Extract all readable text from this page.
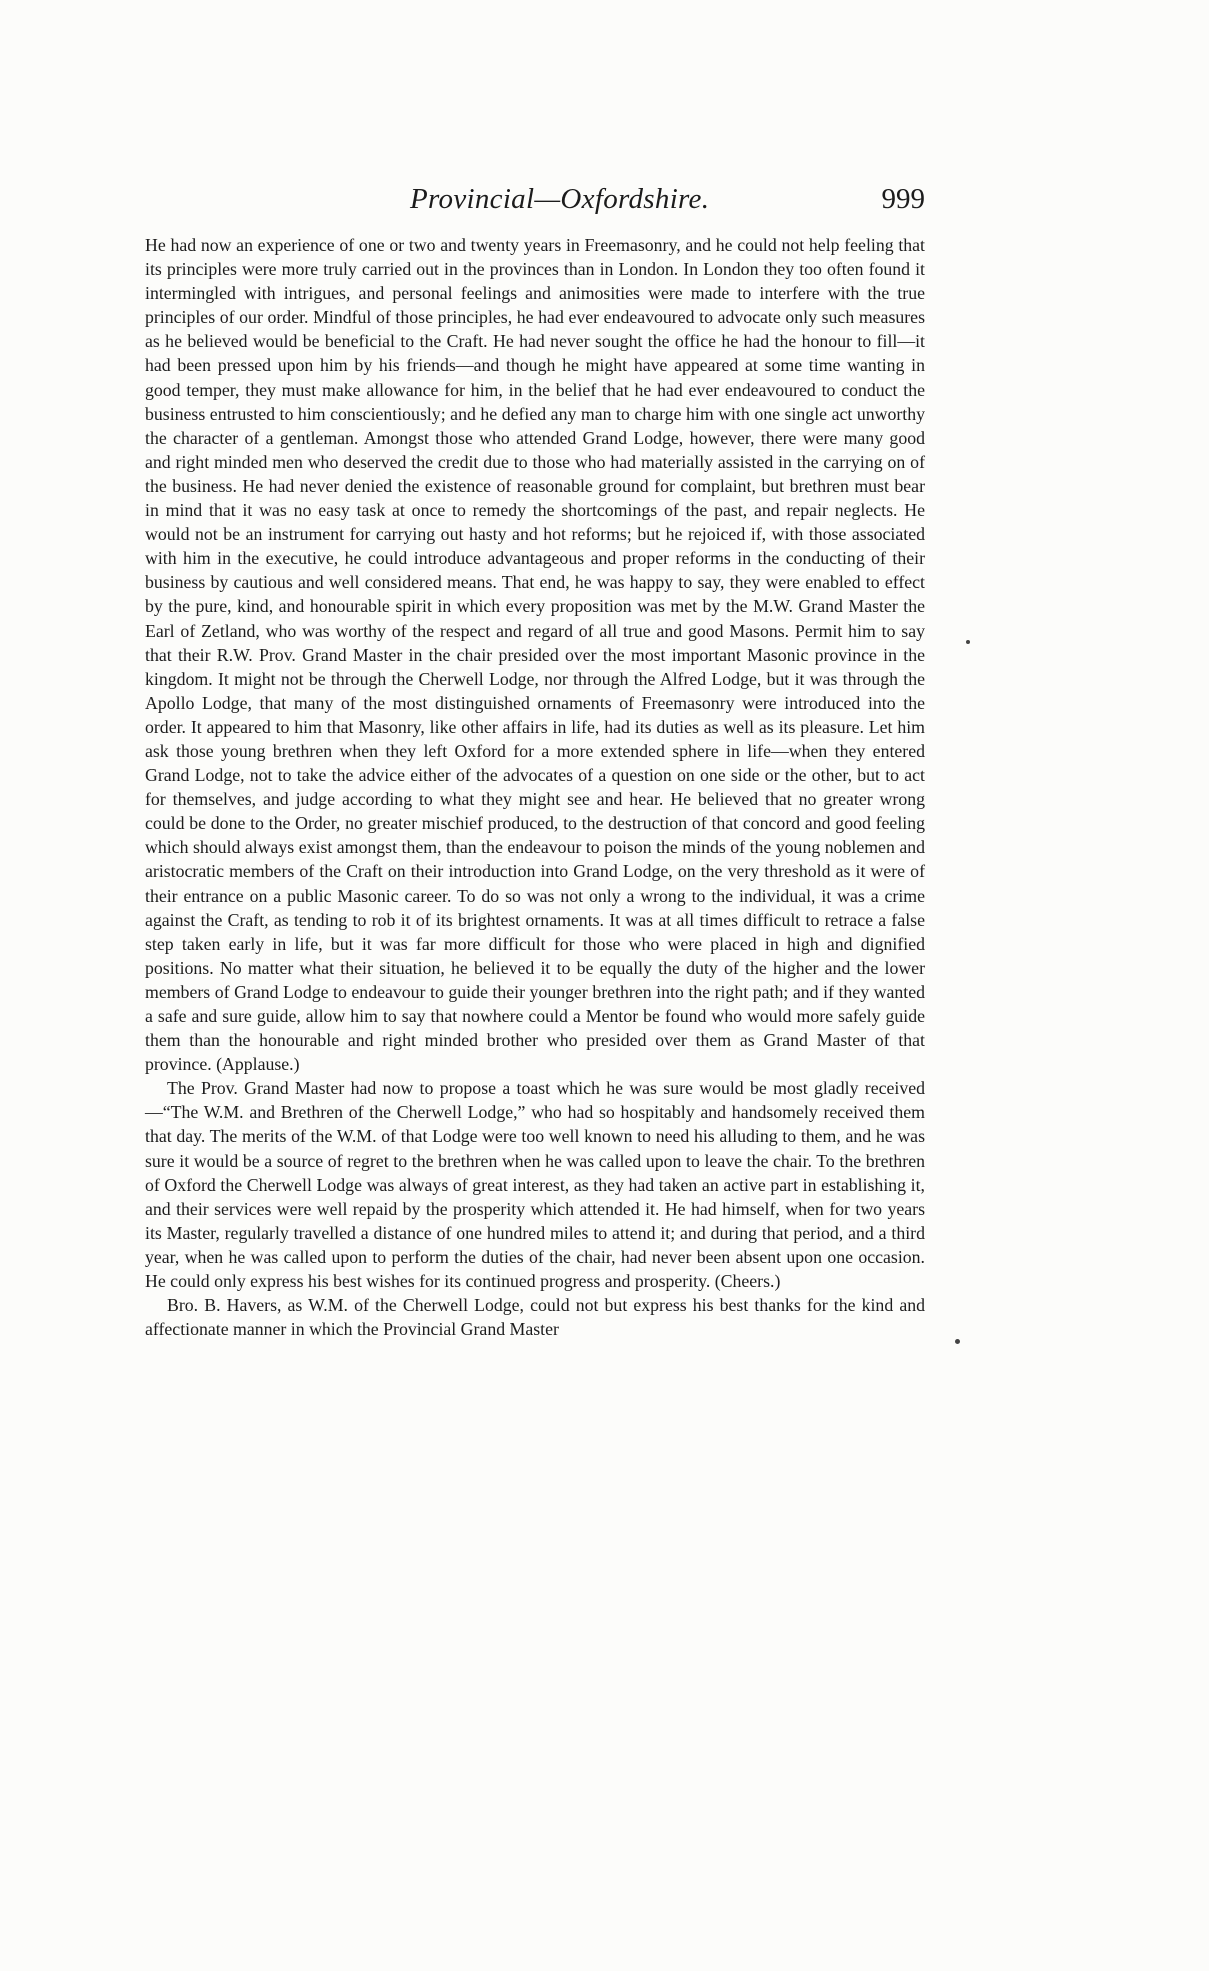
Provincial—Oxfordshire.	999

He had now an experience of one or two and twenty years in Freemasonry, and he could not help feeling that its principles were more truly carried out in the provinces than in London. In London they too often found it intermingled with intrigues, and personal feelings and animosities were made to interfere with the true principles of our order. Mindful of those principles, he had ever endeavoured to advocate only such measures as he believed would be beneficial to the Craft. He had never sought the office he had the honour to fill—it had been pressed upon him by his friends—and though he might have appeared at some time wanting in good temper, they must make allowance for him, in the belief that he had ever endeavoured to conduct the business entrusted to him conscientiously; and he defied any man to charge him with one single act unworthy the character of a gentleman. Amongst those who attended Grand Lodge, however, there were many good and right minded men who deserved the credit due to those who had materially assisted in the carrying on of the business. He had never denied the existence of reasonable ground for complaint, but brethren must bear in mind that it was no easy task at once to remedy the shortcomings of the past, and repair neglects. He would not be an instrument for carrying out hasty and hot reforms; but he rejoiced if, with those associated with him in the executive, he could introduce advantageous and proper reforms in the conducting of their business by cautious and well considered means. That end, he was happy to say, they were enabled to effect by the pure, kind, and honourable spirit in which every proposition was met by the M.W. Grand Master the Earl of Zetland, who was worthy of the respect and regard of all true and good Masons. Permit him to say that their R.W. Prov. Grand Master in the chair presided over the most important Masonic province in the kingdom. It might not be through the Cherwell Lodge, nor through the Alfred Lodge, but it was through the Apollo Lodge, that many of the most distinguished ornaments of Freemasonry were introduced into the order. It appeared to him that Masonry, like other affairs in life, had its duties as well as its pleasure. Let him ask those young brethren when they left Oxford for a more extended sphere in life—when they entered Grand Lodge, not to take the advice either of the advocates of a question on one side or the other, but to act for themselves, and judge according to what they might see and hear. He believed that no greater wrong could be done to the Order, no greater mischief produced, to the destruction of that concord and good feeling which should always exist amongst them, than the endeavour to poison the minds of the young noblemen and aristocratic members of the Craft on their introduction into Grand Lodge, on the very threshold as it were of their entrance on a public Masonic career. To do so was not only a wrong to the individual, it was a crime against the Craft, as tending to rob it of its brightest ornaments. It was at all times difficult to retrace a false step taken early in life, but it was far more difficult for those who were placed in high and dignified positions. No matter what their situation, he believed it to be equally the duty of the higher and the lower members of Grand Lodge to endeavour to guide their younger brethren into the right path; and if they wanted a safe and sure guide, allow him to say that nowhere could a Mentor be found who would more safely guide them than the honourable and right minded brother who presided over them as Grand Master of that province. (Applause.)

The Prov. Grand Master had now to propose a toast which he was sure would be most gladly received—“The W.M. and Brethren of the Cherwell Lodge,” who had so hospitably and handsomely received them that day. The merits of the W.M. of that Lodge were too well known to need his alluding to them, and he was sure it would be a source of regret to the brethren when he was called upon to leave the chair. To the brethren of Oxford the Cherwell Lodge was always of great interest, as they had taken an active part in establishing it, and their services were well repaid by the prosperity which attended it. He had himself, when for two years its Master, regularly travelled a distance of one hundred miles to attend it; and during that period, and a third year, when he was called upon to perform the duties of the chair, had never been absent upon one occasion. He could only express his best wishes for its continued progress and prosperity. (Cheers.)

Bro. B. Havers, as W.M. of the Cherwell Lodge, could not but express his best thanks for the kind and affectionate manner in which the Provincial Grand Master
